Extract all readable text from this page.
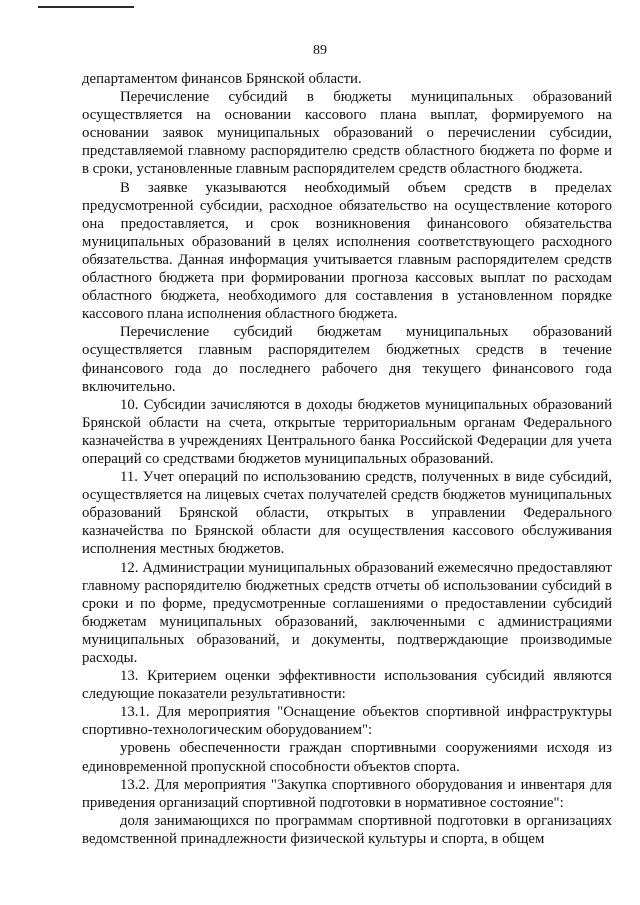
89

департаментом финансов Брянской области.

Перечисление субсидий в бюджеты муниципальных образований осуществляется на основании кассового плана выплат, формируемого на основании заявок муниципальных образований о перечислении субсидии, представляемой главному распорядителю средств областного бюджета по форме и в сроки, установленные главным распорядителем средств областного бюджета.

В заявке указываются необходимый объем средств в пределах предусмотренной субсидии, расходное обязательство на осуществление которого она предоставляется, и срок возникновения финансового обязательства муниципальных образований в целях исполнения соответствующего расходного обязательства. Данная информация учитывается главным распорядителем средств областного бюджета при формировании прогноза кассовых выплат по расходам областного бюджета, необходимого для составления в установленном порядке кассового плана исполнения областного бюджета.

Перечисление субсидий бюджетам муниципальных образований осуществляется главным распорядителем бюджетных средств в течение финансового года до последнего рабочего дня текущего финансового года включительно.

10. Субсидии зачисляются в доходы бюджетов муниципальных образований Брянской области на счета, открытые территориальным органам Федерального казначейства в учреждениях Центрального банка Российской Федерации для учета операций со средствами бюджетов муниципальных образований.

11. Учет операций по использованию средств, полученных в виде субсидий, осуществляется на лицевых счетах получателей средств бюджетов муниципальных образований Брянской области, открытых в управлении Федерального казначейства по Брянской области для осуществления кассового обслуживания исполнения местных бюджетов.

12. Администрации муниципальных образований ежемесячно предоставляют главному распорядителю бюджетных средств отчеты об использовании субсидий в сроки и по форме, предусмотренные соглашениями о предоставлении субсидий бюджетам муниципальных образований, заключенными с администрациями муниципальных образований, и документы, подтверждающие производимые расходы.

13. Критерием оценки эффективности использования субсидий являются следующие показатели результативности:

13.1. Для мероприятия "Оснащение объектов спортивной инфраструктуры спортивно-технологическим оборудованием":

уровень обеспеченности граждан спортивными сооружениями исходя из единовременной пропускной способности объектов спорта.

13.2. Для мероприятия "Закупка спортивного оборудования и инвентаря для приведения организаций спортивной подготовки в нормативное состояние":

доля занимающихся по программам спортивной подготовки в организациях ведомственной принадлежности физической культуры и спорта, в общем
